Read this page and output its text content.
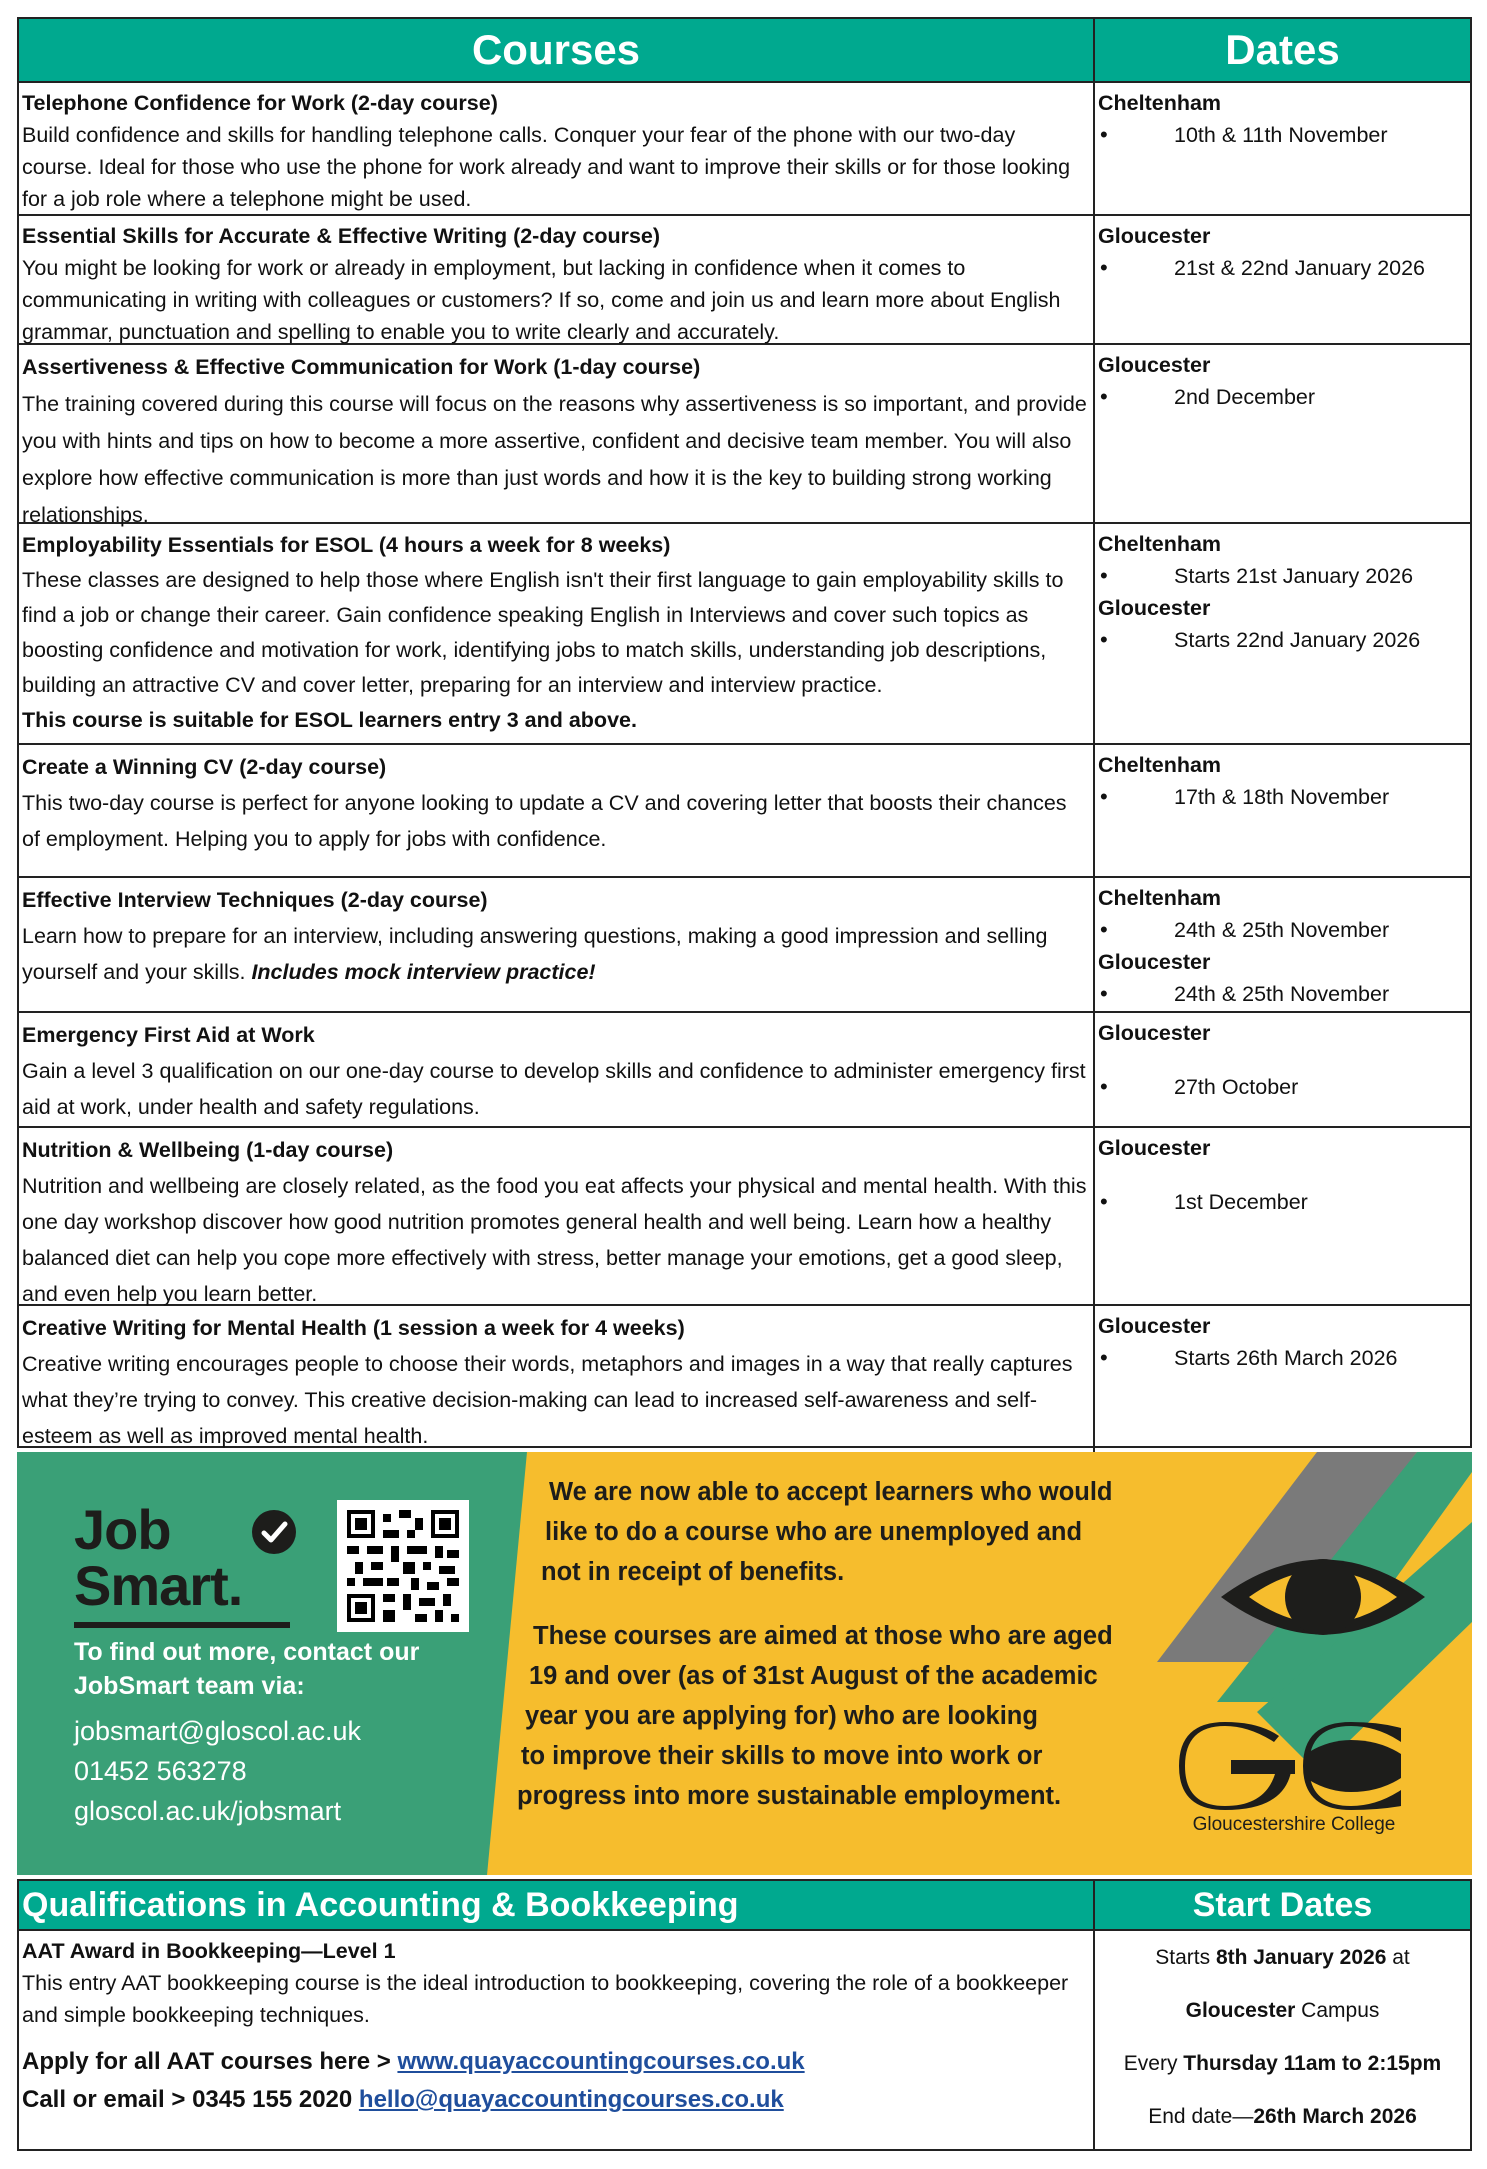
Courses	Dates
Telephone Confidence for Work (2-day course)
Build confidence and skills for handling telephone calls. Conquer your fear of the phone with our two-day course. Ideal for those who use the phone for work already and want to improve their skills or for those looking for a job role where a telephone might be used.
Cheltenham
• 10th & 11th November
Essential Skills for Accurate & Effective Writing (2-day course)
You might be looking for work or already in employment, but lacking in confidence when it comes to communicating in writing with colleagues or customers? If so, come and join us and learn more about English grammar, punctuation and spelling to enable you to write clearly and accurately.
Gloucester
• 21st & 22nd January 2026
Assertiveness & Effective Communication for Work (1-day course)
The training covered during this course will focus on the reasons why assertiveness is so important, and provide you with hints and tips on how to become a more assertive, confident and decisive team member. You will also explore how effective communication is more than just words and how it is the key to building strong working relationships.
Gloucester
• 2nd December
Employability Essentials for ESOL (4 hours a week for 8 weeks)
These classes are designed to help those where English isn't their first language to gain employability skills to find a job or change their career. Gain confidence speaking English in Interviews and cover such topics as boosting confidence and motivation for work, identifying jobs to match skills, understanding job descriptions, building an attractive CV and cover letter, preparing for an interview and interview practice.
This course is suitable for ESOL learners entry 3 and above.
Cheltenham
• Starts 21st January 2026
Gloucester
• Starts 22nd January 2026
Create a Winning CV (2-day course)
This two-day course is perfect for anyone looking to update a CV and covering letter that boosts their chances of employment. Helping you to apply for jobs with confidence.
Cheltenham
• 17th & 18th November
Effective Interview Techniques (2-day course)
Learn how to prepare for an interview, including answering questions, making a good impression and selling yourself and your skills. Includes mock interview practice!
Cheltenham
• 24th & 25th November
Gloucester
• 24th & 25th November
Emergency First Aid at Work
Gain a level 3 qualification on our one-day course to develop skills and confidence to administer emergency first aid at work, under health and safety regulations.
Gloucester
• 27th October
Nutrition & Wellbeing (1-day course)
Nutrition and wellbeing are closely related, as the food you eat affects your physical and mental health. With this one day workshop discover how good nutrition promotes general health and well being. Learn how a healthy balanced diet can help you cope more effectively with stress, better manage your emotions, get a good sleep, and even help you learn better.
Gloucester
• 1st December
Creative Writing for Mental Health (1 session a week for 4 weeks)
Creative writing encourages people to choose their words, metaphors and images in a way that really captures what they’re trying to convey. This creative decision-making can lead to increased self-awareness and self-esteem as well as improved mental health.
Gloucester
• Starts 26th March 2026
Job
Smart.
To find out more, contact our JobSmart team via:
jobsmart@gloscol.ac.uk
01452 563278
gloscol.ac.uk/jobsmart
We are now able to accept learners who would
like to do a course who are unemployed and
not in receipt of benefits.
These courses are aimed at those who are aged
19 and over (as of 31st August of the academic
year you are applying for) who are looking
to improve their skills to move into work or
progress into more sustainable employment.
Gloucestershire College
Qualifications in Accounting & Bookkeeping	Start Dates
AAT Award in Bookkeeping—Level 1
This entry AAT bookkeeping course is the ideal introduction to bookkeeping, covering the role of a bookkeeper and simple bookkeeping techniques.
Apply for all AAT courses here > www.quayaccountingcourses.co.uk
Call or email > 0345 155 2020 hello@quayaccountingcourses.co.uk
Starts 8th January 2026 at
Gloucester Campus
Every Thursday 11am to 2:15pm
End date—26th March 2026
